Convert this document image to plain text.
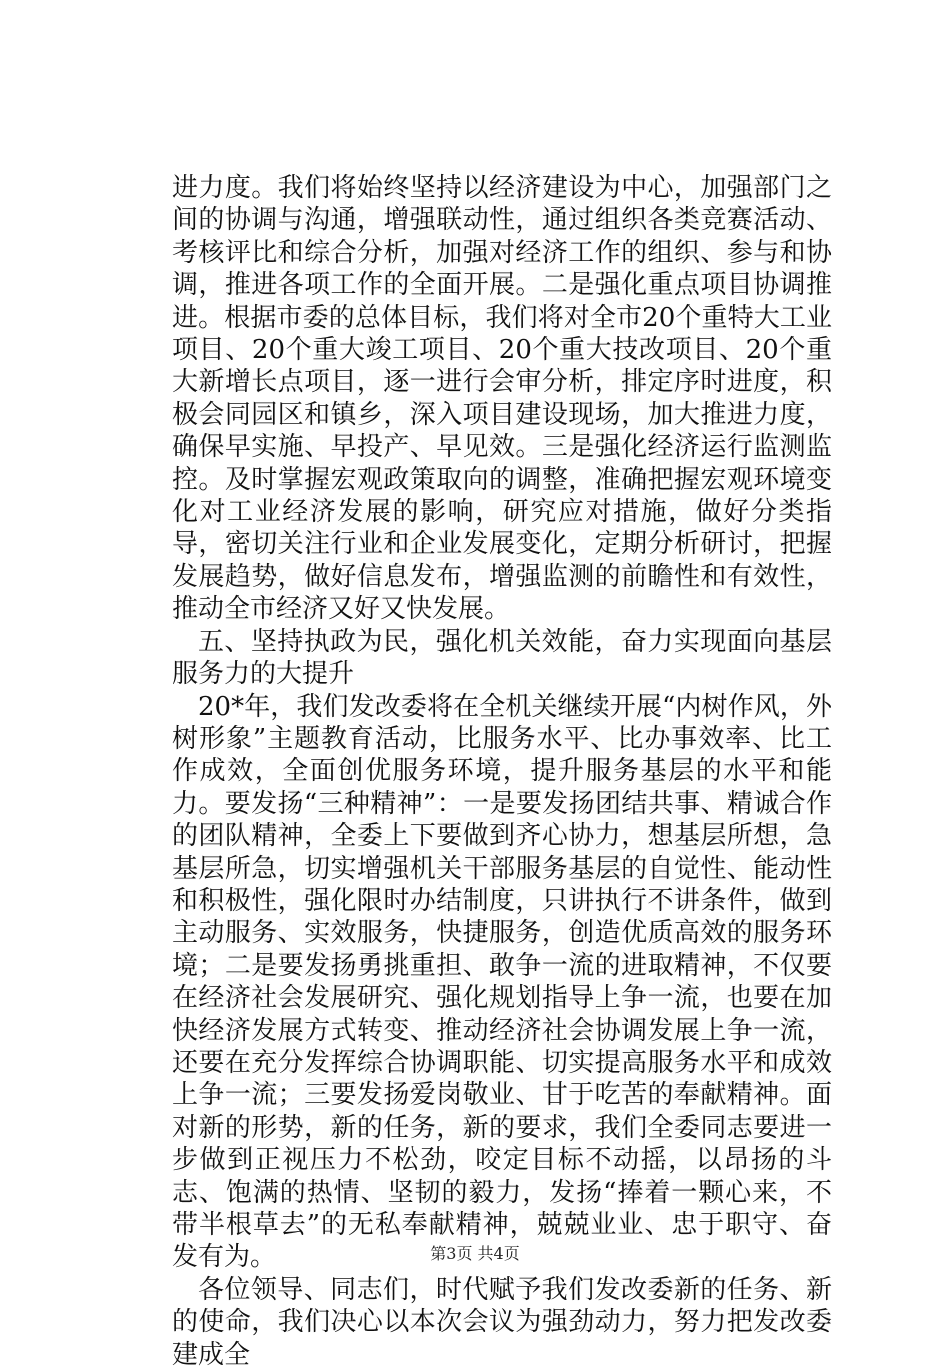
进力度。我们将始终坚持以经济建设为中心，加强部门之间的协调与沟通，增强联动性，通过组织各类竞赛活动、考核评比和综合分析，加强对经济工作的组织、参与和协调，推进各项工作的全面开展。二是强化重点项目协调推进。根据市委的总体目标，我们将对全市20个重特大工业项目、20个重大竣工项目、20个重大技改项目、20个重大新增长点项目，逐一进行会审分析，排定序时进度，积极会同园区和镇乡，深入项目建设现场，加大推进力度，确保早实施、早投产、早见效。三是强化经济运行监测监控。及时掌握宏观政策取向的调整，准确把握宏观环境变化对工业经济发展的影响，研究应对措施，做好分类指导，密切关注行业和企业发展变化，定期分析研讨，把握发展趋势，做好信息发布，增强监测的前瞻性和有效性，推动全市经济又好又快发展。

五、坚持执政为民，强化机关效能，奋力实现面向基层服务力的大提升

20*年，我们发改委将在全机关继续开展“内树作风，外树形象”主题教育活动，比服务水平、比办事效率、比工作成效，全面创优服务环境，提升服务基层的水平和能力。要发扬“三种精神”：一是要发扬团结共事、精诚合作的团队精神，全委上下要做到齐心协力，想基层所想，急基层所急，切实增强机关干部服务基层的自觉性、能动性和积极性，强化限时办结制度，只讲执行不讲条件，做到主动服务、实效服务，快捷服务，创造优质高效的服务环境；二是要发扬勇挑重担、敢争一流的进取精神，不仅要在经济社会发展研究、强化规划指导上争一流，也要在加快经济发展方式转变、推动经济社会协调发展上争一流，还要在充分发挥综合协调职能、切实提高服务水平和成效上争一流；三要发扬爱岗敬业、甘于吃苦的奉献精神。面对新的形势，新的任务，新的要求，我们全委同志要进一步做到正视压力不松劲，咬定目标不动摇，以昂扬的斗志、饱满的热情、坚韧的毅力，发扬“捧着一颗心来，不带半根草去”的无私奉献精神，兢兢业业、忠于职守、奋发有为。

各位领导、同志们，时代赋予我们发改委新的任务、新的使命，我们决心以本次会议为强劲动力，努力把发改委建成全

第3页 共4页
